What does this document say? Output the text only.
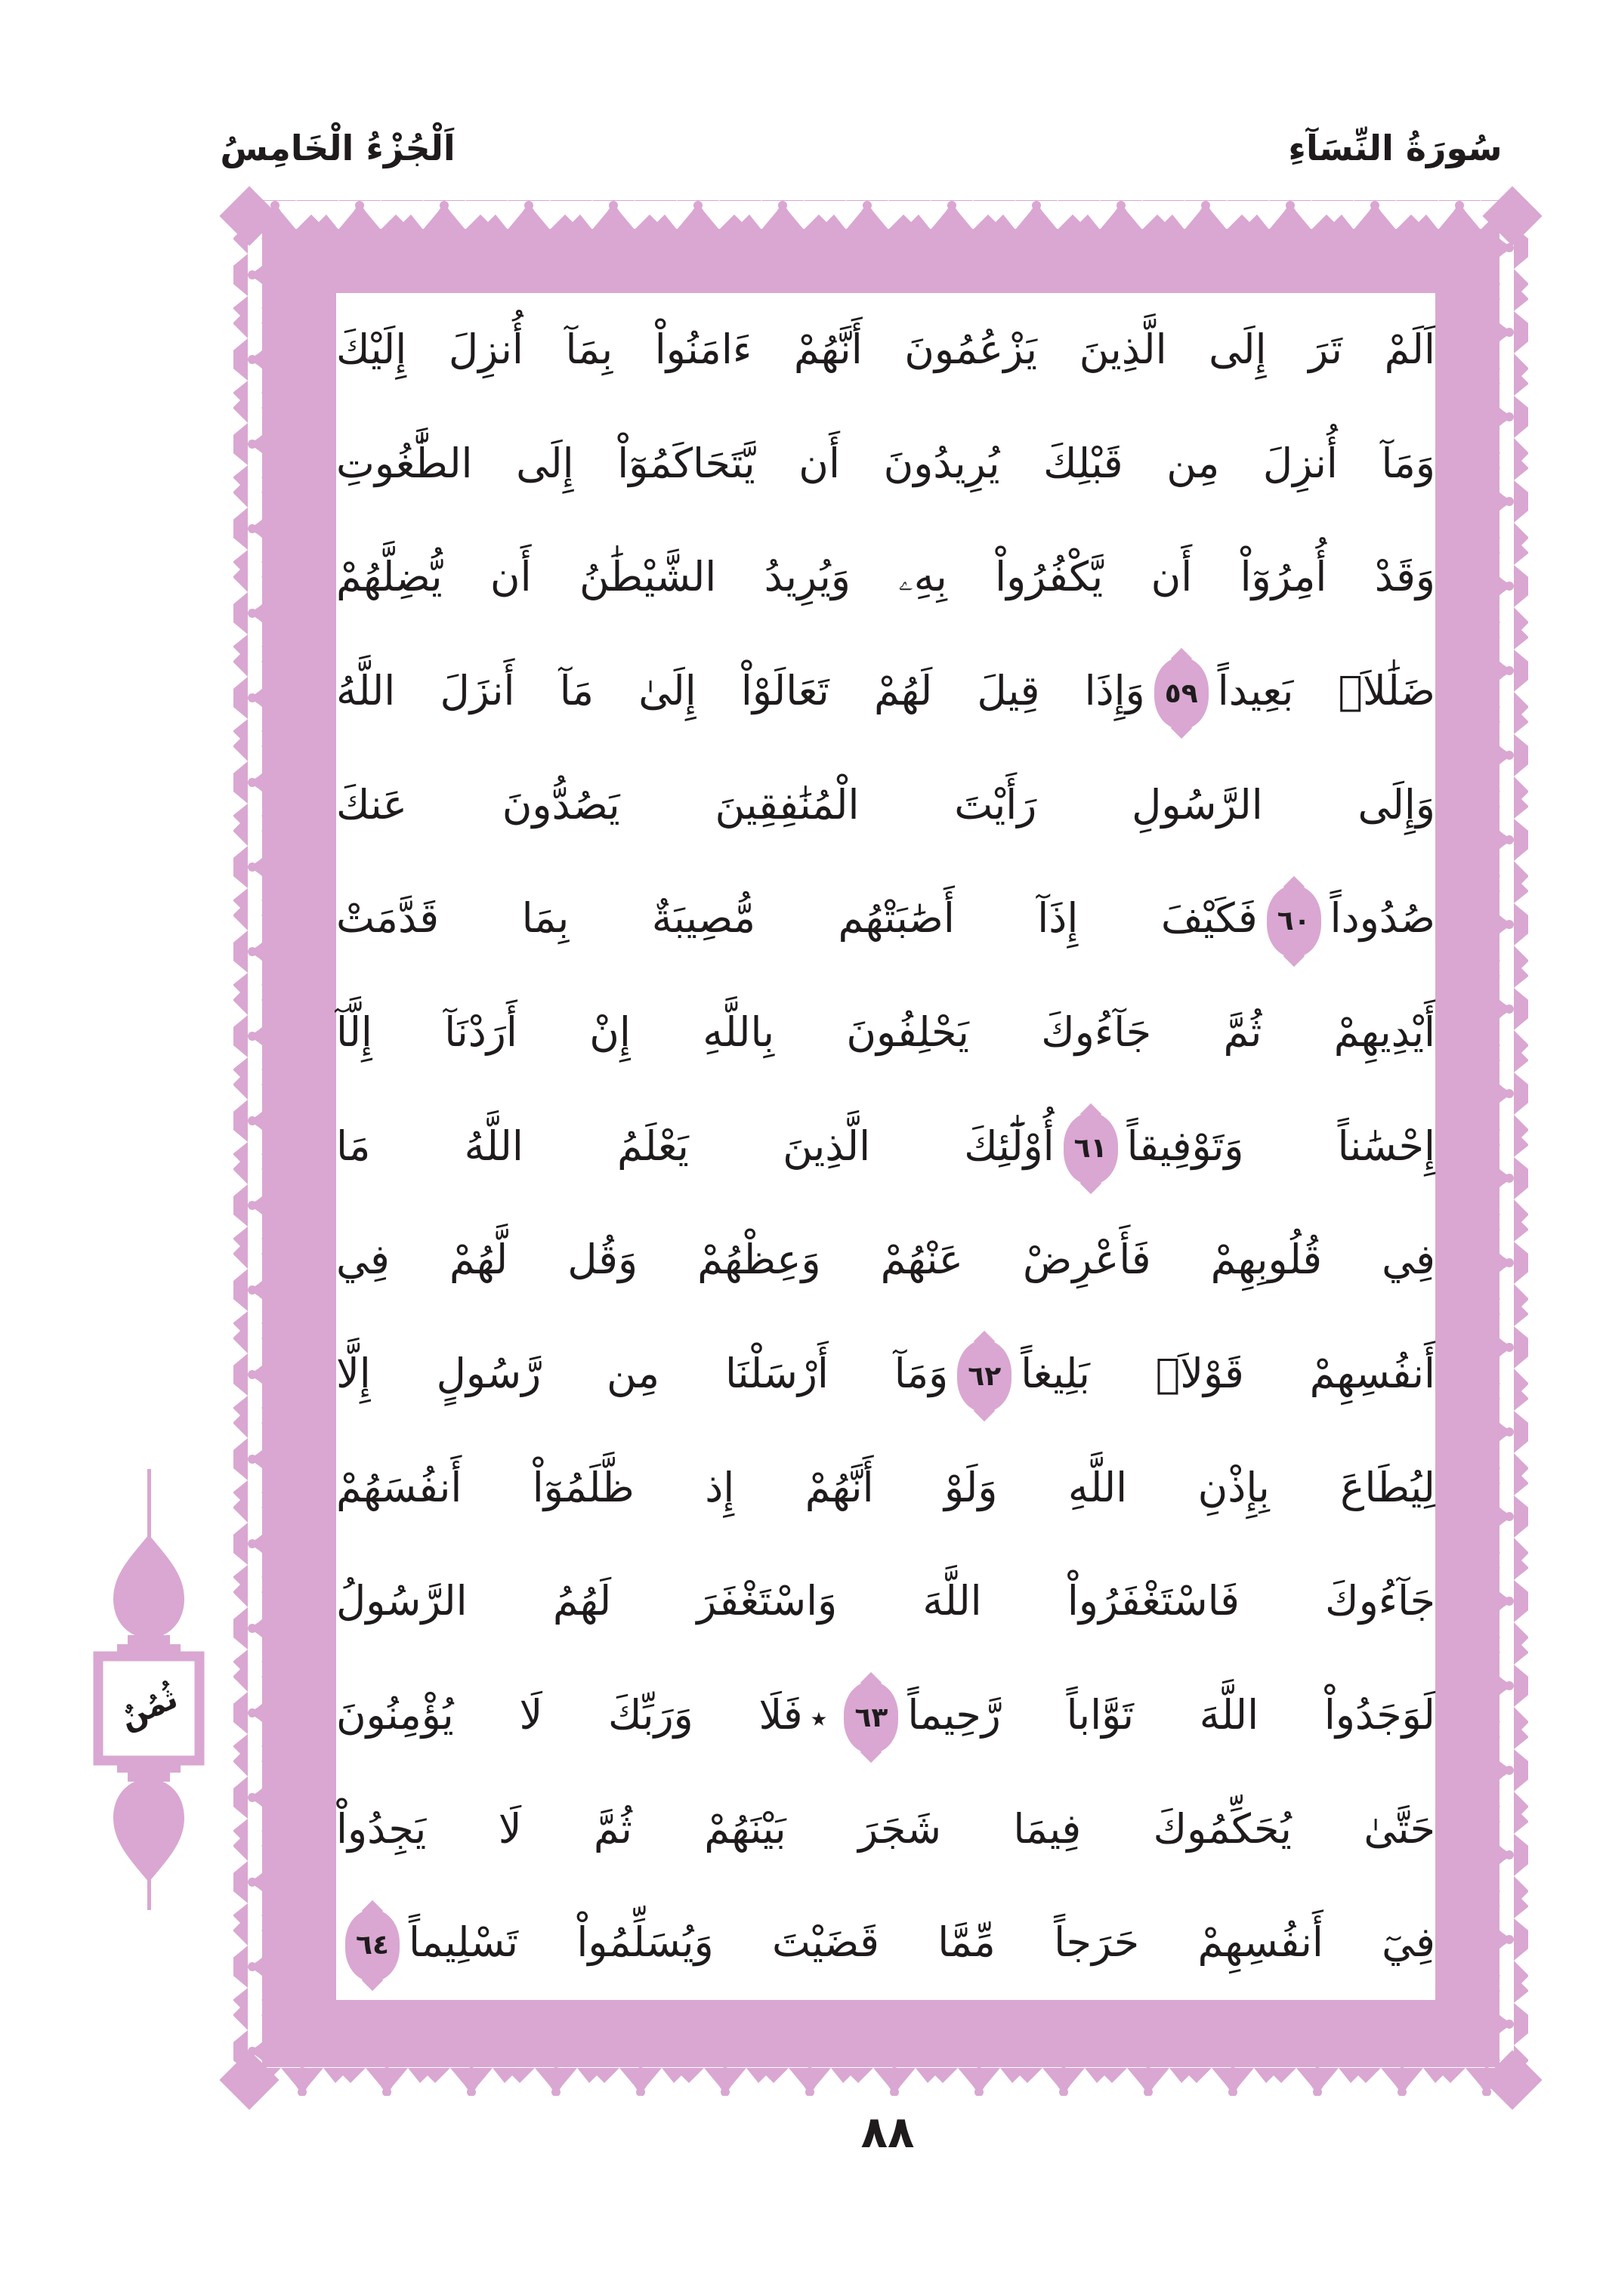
اَلْجُزْءُ الْخَامِسُ	سُورَةُ النِّسَآءِ
اَلَمْ تَرَ إِلَى الَّذِينَ يَزْعُمُونَ أَنَّهُمْ ءَامَنُواْ بِمَآ أُنزِلَ إِلَيْكَ
وَمَآ أُنزِلَ مِن قَبْلِكَ يُرِيدُونَ أَن يَّتَحَاكَمُوٓاْ إِلَى الطَّٰغُوتِ
وَقَدْ أُمِرُوٓاْ أَن يَّكْفُرُواْ بِهِۦ وَيُرِيدُ الشَّيْطَٰنُ أَن يُّضِلَّهُمْ
ضَلَٰلاَۢ بَعِيداً٥٩وَإِذَا قِيلَ لَهُمْ تَعَالَوْاْ إِلَىٰ مَآ أَنزَلَ اللَّهُ
وَإِلَى الرَّسُولِ رَأَيْتَ الْمُنَٰفِقِينَ يَصُدُّونَ عَنكَ
صُدُوداً٦٠فَكَيْفَ إِذَآ أَصَٰبَتْهُم مُّصِيبَةٌ بِمَا قَدَّمَتْ
أَيْدِيهِمْ ثُمَّ جَآءُوكَ يَحْلِفُونَ بِاللَّهِ إِنْ أَرَدْنَآ إِلَّآ
إِحْسَٰناً وَتَوْفِيقاً٦١أُوْلَٰٓئِكَ الَّذِينَ يَعْلَمُ اللَّهُ مَا
فِي قُلُوبِهِمْ فَأَعْرِضْ عَنْهُمْ وَعِظْهُمْ وَقُل لَّهُمْ فِي
أَنفُسِهِمْ قَوْلاَۢ بَلِيغاً٦٢وَمَآ أَرْسَلْنَا مِن رَّسُولٍ إِلَّا
لِيُطَاعَ بِإِذْنِ اللَّهِ وَلَوْ أَنَّهُمْ إِذ ظَّلَمُوٓاْ أَنفُسَهُمْ
جَآءُوكَ فَاسْتَغْفَرُواْ اللَّهَ وَاسْتَغْفَرَ لَهُمُ الرَّسُولُ
لَوَجَدُواْ اللَّهَ تَوَّاباً رَّحِيماً٦٣٭فَلَا وَرَبِّكَ لَا يُؤْمِنُونَ
حَتَّىٰ يُحَكِّمُوكَ فِيمَا شَجَرَ بَيْنَهُمْ ثُمَّ لَا يَجِدُواْ
فِيٓ أَنفُسِهِمْ حَرَجاً مِّمَّا قَضَيْتَ وَيُسَلِّمُواْ تَسْلِيماً٦٤
ثُمُنٌ
٨٨
